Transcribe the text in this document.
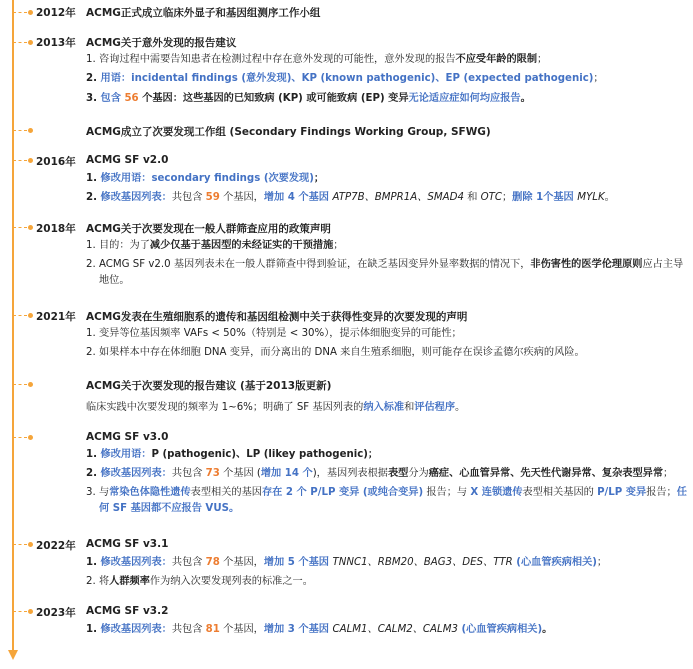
2012年 ACMG正式成立临床外显子和基因组测序工作小组
2013年 ACMG关于意外发现的报告建议
1. 咨询过程中需要告知患者在检测过程中存在意外发现的可能性，意外发现的报告不应受年龄的限制；
2. 用语：incidental findings (意外发现)、KP (known pathogenic)、EP (expected pathogenic)；
3. 包含 56 个基因：这些基因的已知致病 (KP) 或可能致病 (EP) 变异无论适应症如何均应报告。
ACMG成立了次要发现工作组 (Secondary Findings Working Group, SFWG)
2016年 ACMG SF v2.0
1. 修改用语：secondary findings (次要发现)；
2. 修改基因列表：共包含 59 个基因，增加 4 个基因 ATP7B、BMPR1A、SMAD4 和 OTC；删除 1个基因 MYLK。
2018年 ACMG关于次要发现在一般人群筛查应用的政策声明
1. 目的：为了减少仅基于基因型的未经证实的干预措施；
2. ACMG SF v2.0 基因列表未在一般人群筛查中得到验证，在缺乏基因变异外显率数据的情况下，非伤害性的医学伦理原则应占主导地位。
2021年 ACMG发表在生殖细胞系的遗传和基因组检测中关于获得性变异的次要发现的声明
1. 变异等位基因频率 VAFs < 50%（特别是 < 30%），提示体细胞变异的可能性；
2. 如果样本中存在体细胞 DNA 变异，而分离出的 DNA 来自生殖系细胞，则可能存在误诊孟德尔疾病的风险。
ACMG关于次要发现的报告建议 (基于2013版更新)
临床实践中次要发现的频率为 1~6%；明确了 SF 基因列表的纳入标准和评估程序。
ACMG SF v3.0
1. 修改用语：P (pathogenic)、LP (likey pathogenic)；
2. 修改基因列表：共包含 73 个基因 (增加 14 个)，基因列表根据表型分为癌症、心血管异常、先天性代谢异常、复杂表型异常；
3. 与常染色体隐性遗传表型相关的基因存在 2 个 P/LP 变异 (或纯合变异) 报告；与 X 连锁遗传表型相关基因的 P/LP 变异报告；任何 SF 基因都不应报告 VUS。
2022年 ACMG SF v3.1
1. 修改基因列表：共包含 78 个基因，增加 5 个基因 TNNC1、RBM20、BAG3、DES、TTR (心血管疾病相关)；
2. 将人群频率作为纳入次要发现列表的标准之一。
2023年 ACMG SF v3.2
1. 修改基因列表：共包含 81 个基因，增加 3 个基因 CALM1、CALM2、CALM3 (心血管疾病相关)。
